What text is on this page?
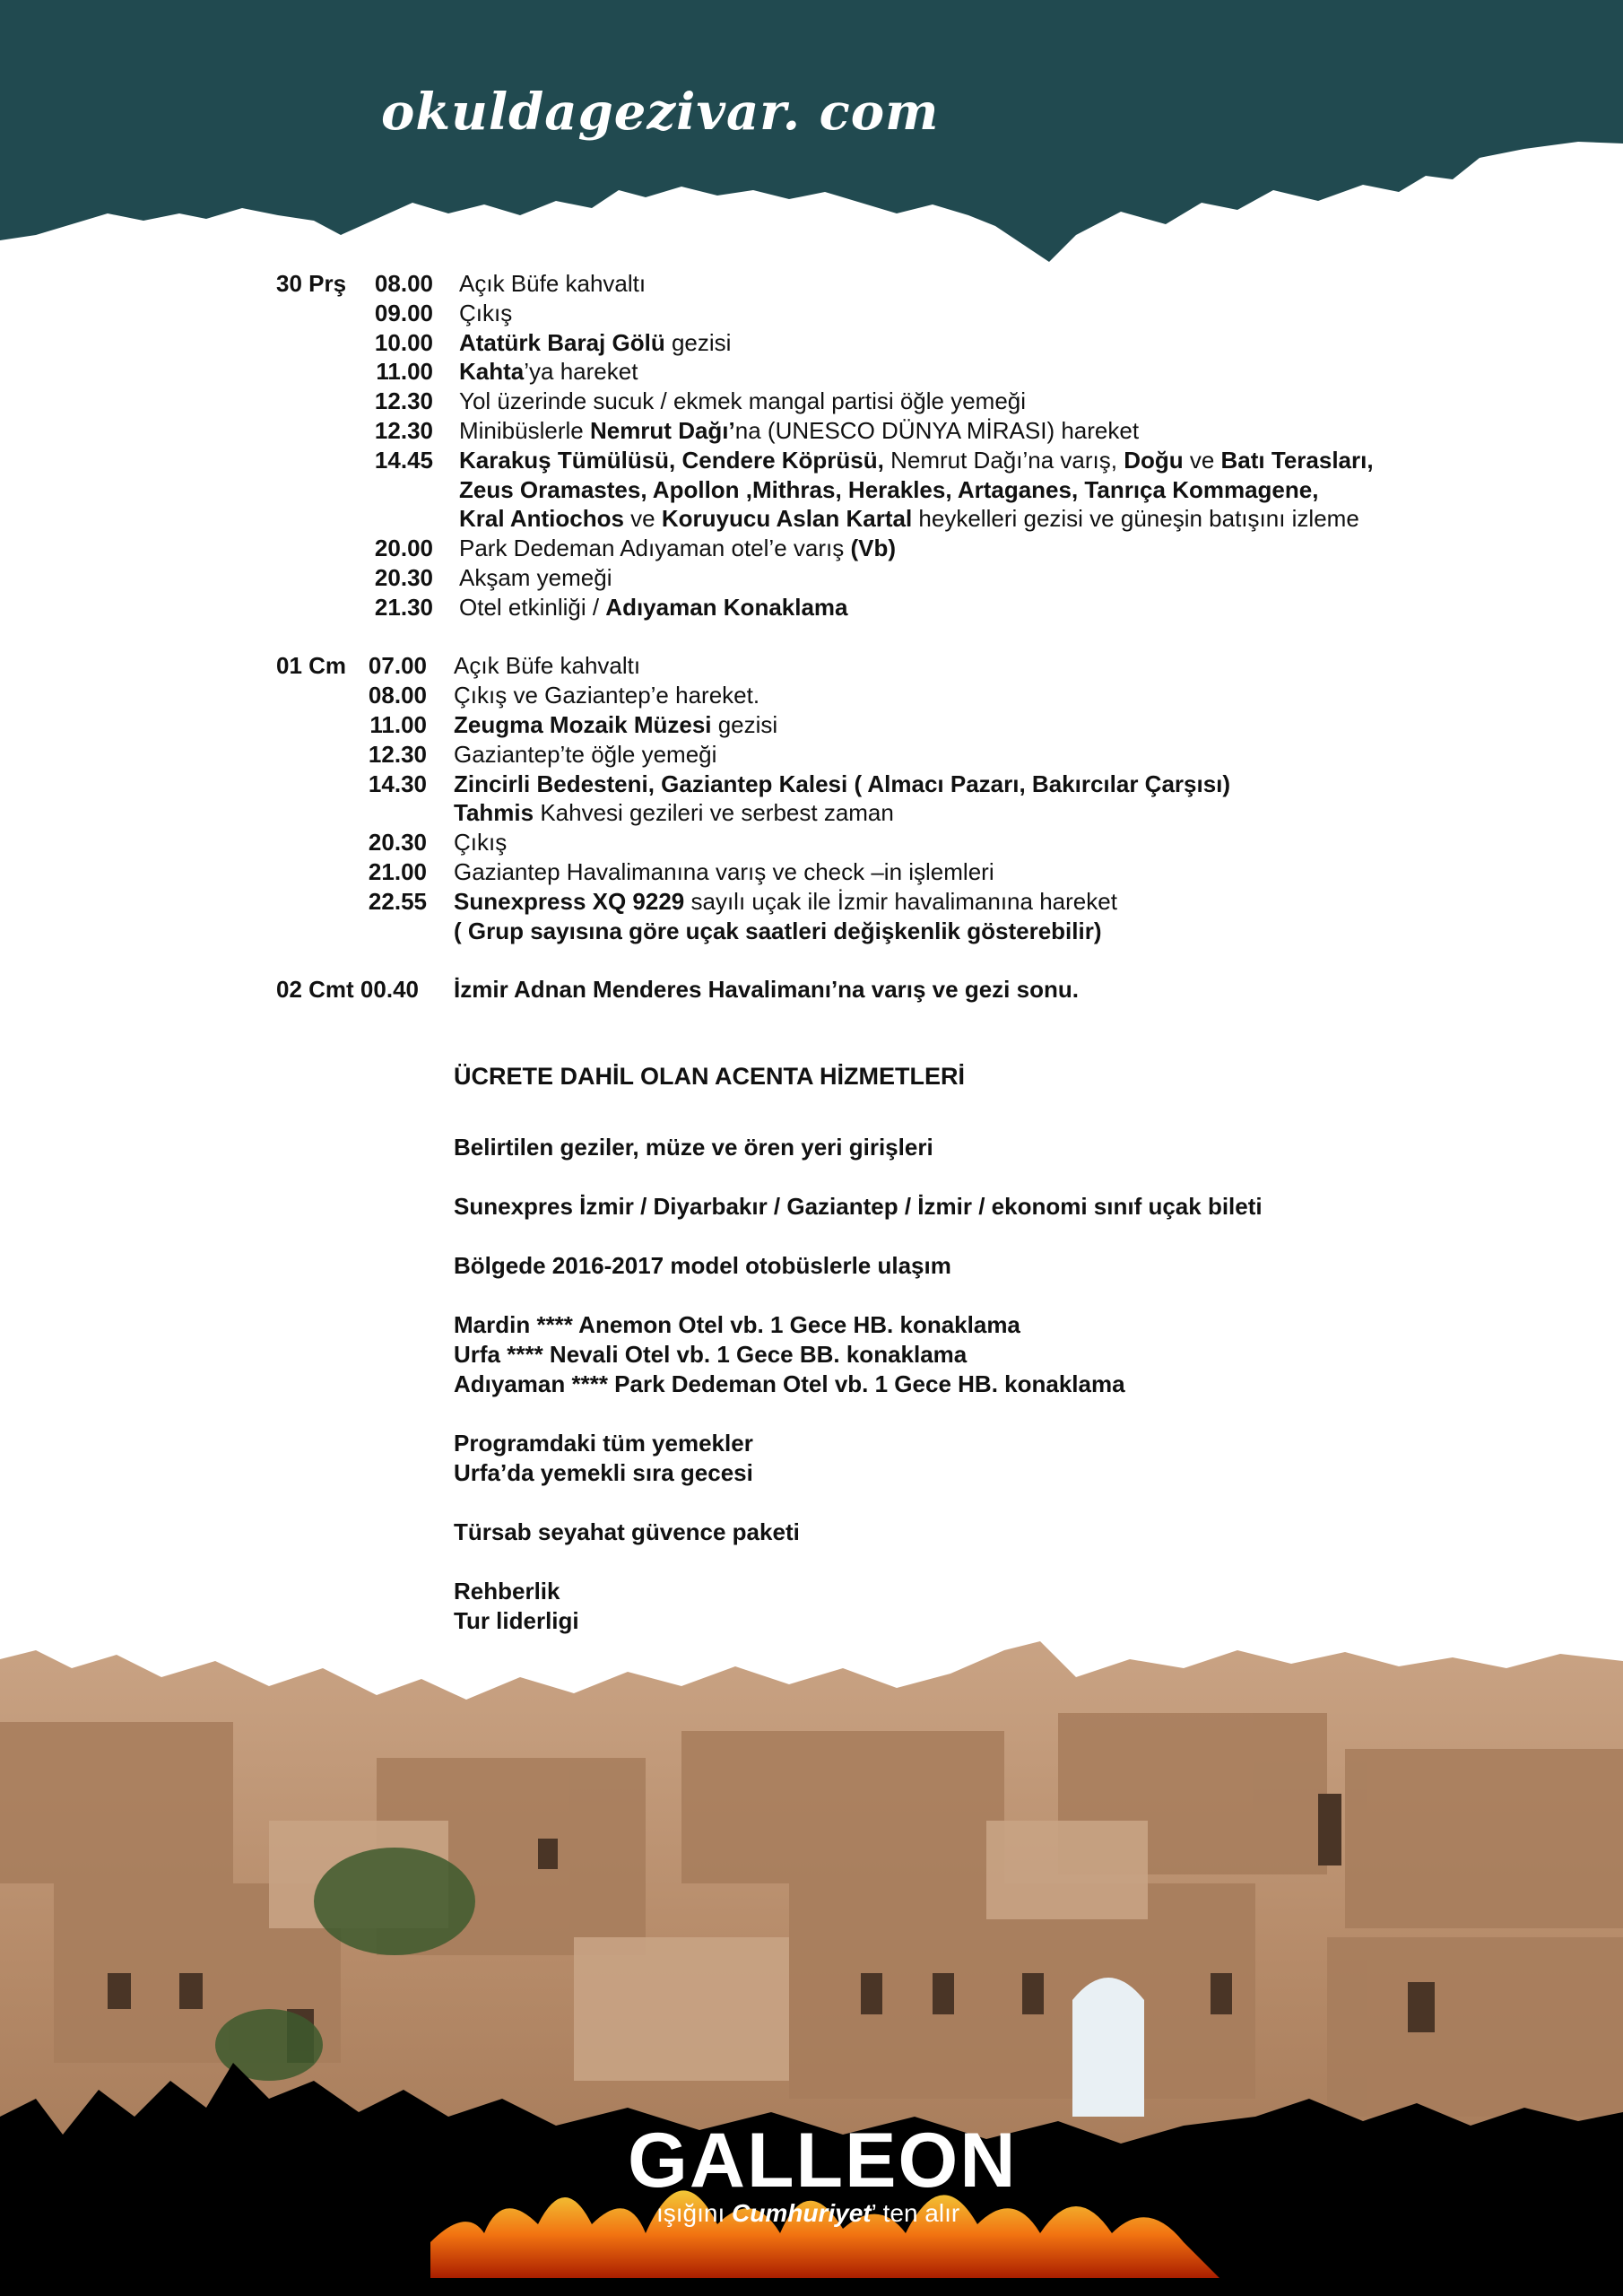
okuldagezivar. com
30 Prş	08.00 Açık Büfe kahvaltı
09.00 Çıkış
10.00 Atatürk Baraj Gölü gezisi
11.00 Kahta’ya hareket
12.30 Yol üzerinde sucuk / ekmek mangal partisi öğle yemeği
12.30 Minibüslerle Nemrut Dağı’na (UNESCO DÜNYA MİRASI) hareket
14.45 Karakuş Tümülüsü, Cendere Köprüsü, Nemrut Dağı’na varış, Doğu ve Batı Terasları,
Zeus Oramastes, Apollon ,Mithras, Herakles, Artaganes, Tanrıça Kommagene,
Kral Antiochos ve Koruyucu Aslan Kartal heykelleri gezisi ve güneşin batışını izleme
20.00 Park Dedeman Adıyaman otel’e varış (Vb)
20.30 Akşam yemeği
21.30 Otel etkinliği / Adıyaman Konaklama
01 Cm 07.00 Açık Büfe kahvaltı
08.00 Çıkış ve Gaziantep’e hareket.
11.00 Zeugma Mozaik Müzesi gezisi
12.30 Gaziantep’te öğle yemeği
14.30 Zincirli Bedesteni, Gaziantep Kalesi ( Almacı Pazarı, Bakırcılar Çarşısı)
Tahmis Kahvesi gezileri ve serbest zaman
20.30 Çıkış
21.00 Gaziantep Havalimanına varış ve check –in işlemleri
22.55 Sunexpress XQ 9229 sayılı uçak ile İzmir havalimanına hareket
( Grup sayısına göre uçak saatleri değişkenlik gösterebilir)
02 Cmt 00.40 İzmir Adnan Menderes Havalimanı’na varış ve gezi sonu.
ÜCRETE DAHİL OLAN ACENTA HİZMETLERİ
Belirtilen geziler, müze ve ören yeri girişleri
Sunexpres İzmir / Diyarbakır / Gaziantep / İzmir / ekonomi sınıf uçak bileti
Bölgede 2016-2017 model otobüslerle ulaşım
Mardin **** Anemon Otel vb. 1 Gece HB. konaklama
Urfa **** Nevali Otel vb. 1 Gece BB. konaklama
Adıyaman **** Park Dedeman Otel vb. 1 Gece HB. konaklama
Programdaki tüm yemekler
Urfa’da yemekli sıra gecesi
Türsab seyahat güvence paketi
Rehberlik
Tur liderligi
GALLEON
ışığını Cumhuriyet’ ten alır
